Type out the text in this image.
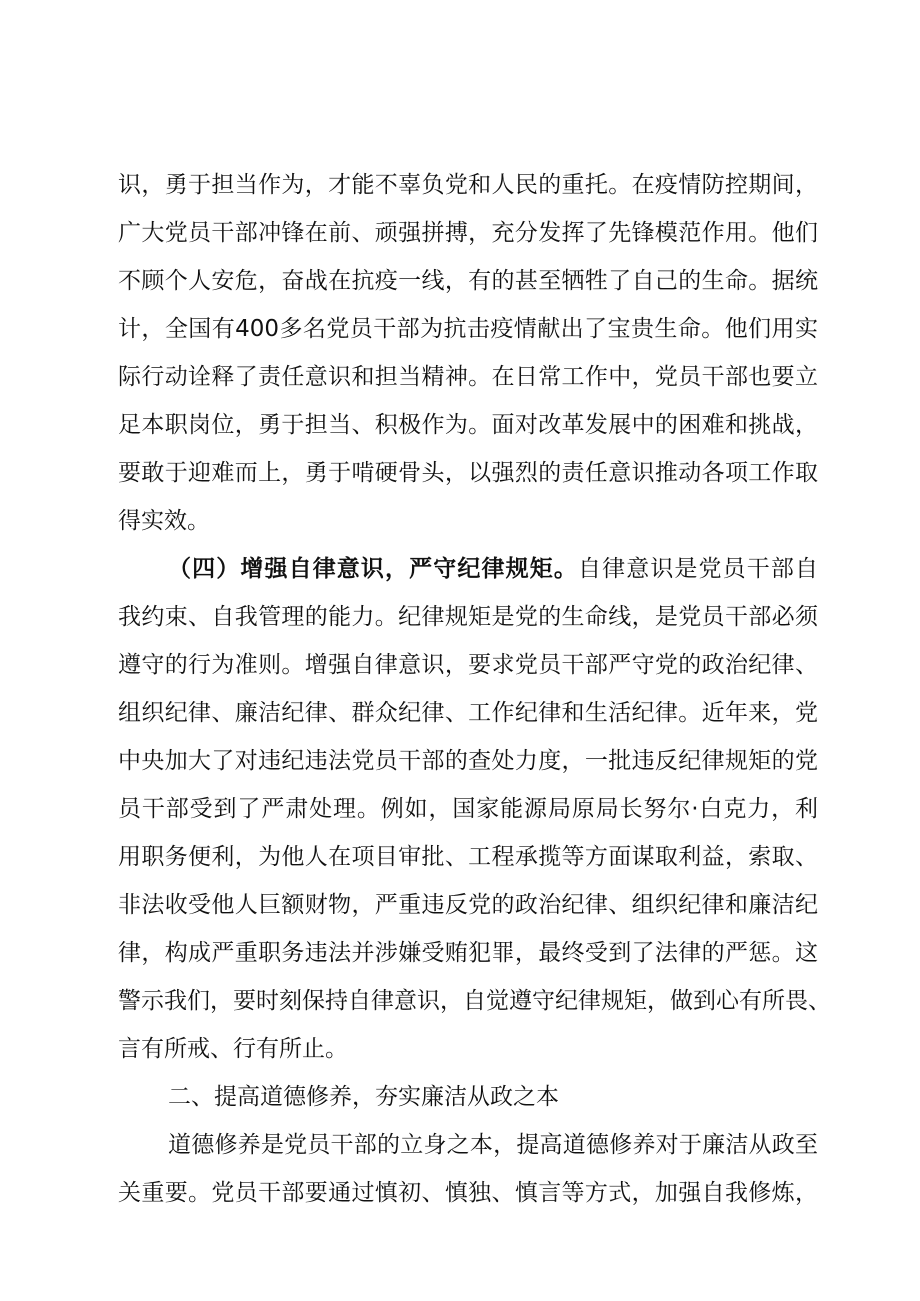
识，勇于担当作为，才能不辜负党和人民的重托。在疫情防控期间，
广大党员干部冲锋在前、顽强拼搏，充分发挥了先锋模范作用。他们
不顾个人安危，奋战在抗疫一线，有的甚至牺牲了自己的生命。据统
计，全国有400多名党员干部为抗击疫情献出了宝贵生命。他们用实
际行动诠释了责任意识和担当精神。在日常工作中，党员干部也要立
足本职岗位，勇于担当、积极作为。面对改革发展中的困难和挑战，
要敢于迎难而上，勇于啃硬骨头，以强烈的责任意识推动各项工作取
得实效。
（四）增强自律意识，严守纪律规矩。自律意识是党员干部自
我约束、自我管理的能力。纪律规矩是党的生命线，是党员干部必须
遵守的行为准则。增强自律意识，要求党员干部严守党的政治纪律、
组织纪律、廉洁纪律、群众纪律、工作纪律和生活纪律。近年来，党
中央加大了对违纪违法党员干部的查处力度，一批违反纪律规矩的党
员干部受到了严肃处理。例如，国家能源局原局长努尔·白克力，利
用职务便利，为他人在项目审批、工程承揽等方面谋取利益，索取、
非法收受他人巨额财物，严重违反党的政治纪律、组织纪律和廉洁纪
律，构成严重职务违法并涉嫌受贿犯罪，最终受到了法律的严惩。这
警示我们，要时刻保持自律意识，自觉遵守纪律规矩，做到心有所畏、
言有所戒、行有所止。
二、提高道德修养，夯实廉洁从政之本
道德修养是党员干部的立身之本，提高道德修养对于廉洁从政至
关重要。党员干部要通过慎初、慎独、慎言等方式，加强自我修炼，
